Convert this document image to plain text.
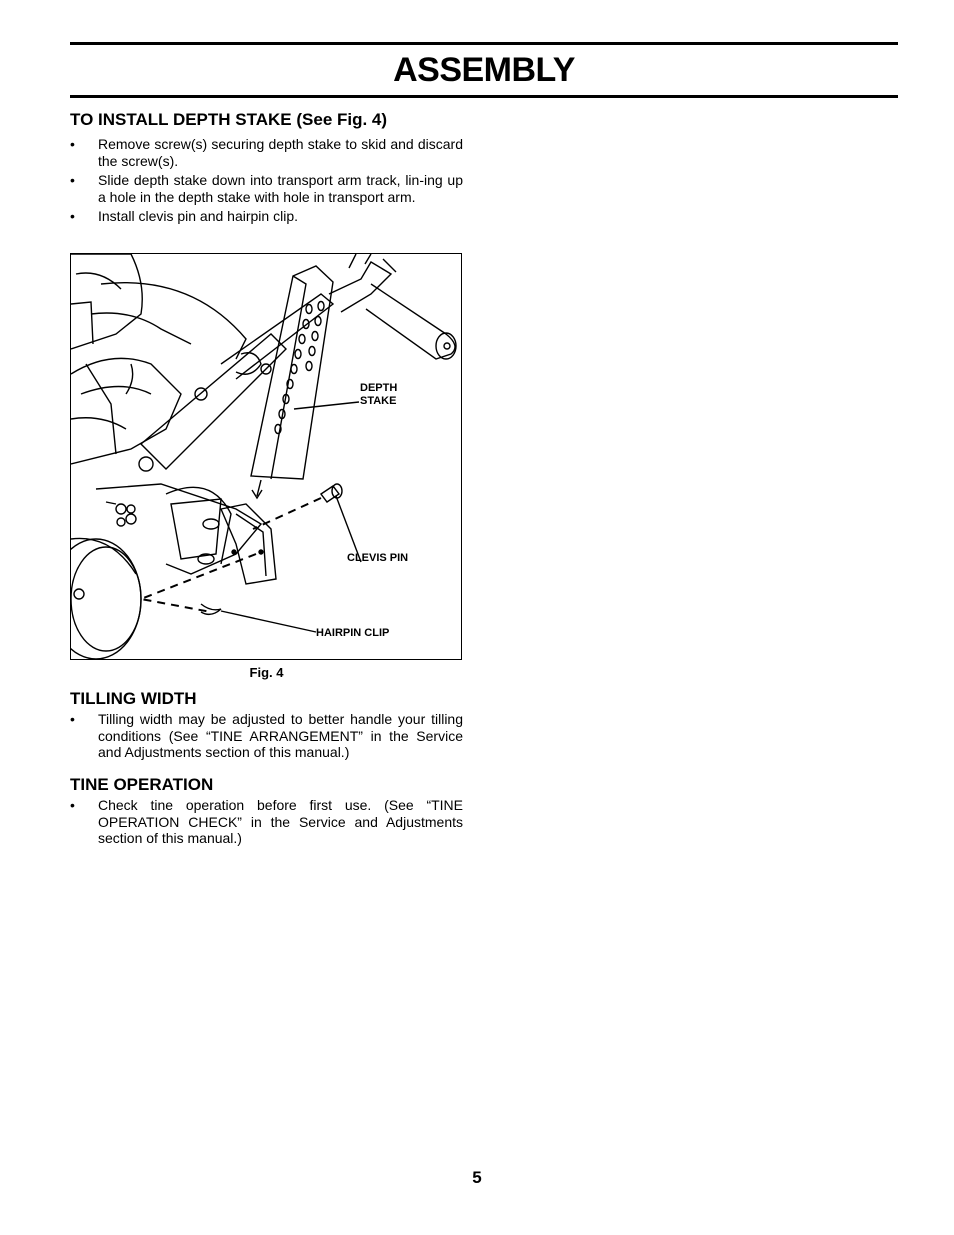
ASSEMBLY
TO INSTALL DEPTH STAKE (See Fig. 4)
• Remove screw(s) securing depth stake to skid and discard the screw(s).
• Slide depth stake down into transport arm track, lin-ing up a hole in the depth stake with hole in transport arm.
• Install clevis pin and hairpin clip.
DEPTH
STAKE
CLEVIS PIN
HAIRPIN CLIP
Fig. 4
TILLING WIDTH
• Tilling width may be adjusted to better handle your tilling conditions (See “TINE ARRANGEMENT” in the Service and Adjustments section of this manual.)
TINE OPERATION
• Check tine operation before first use. (See “TINE OPERATION CHECK” in the Service and Adjustments section of this manual.)
5
